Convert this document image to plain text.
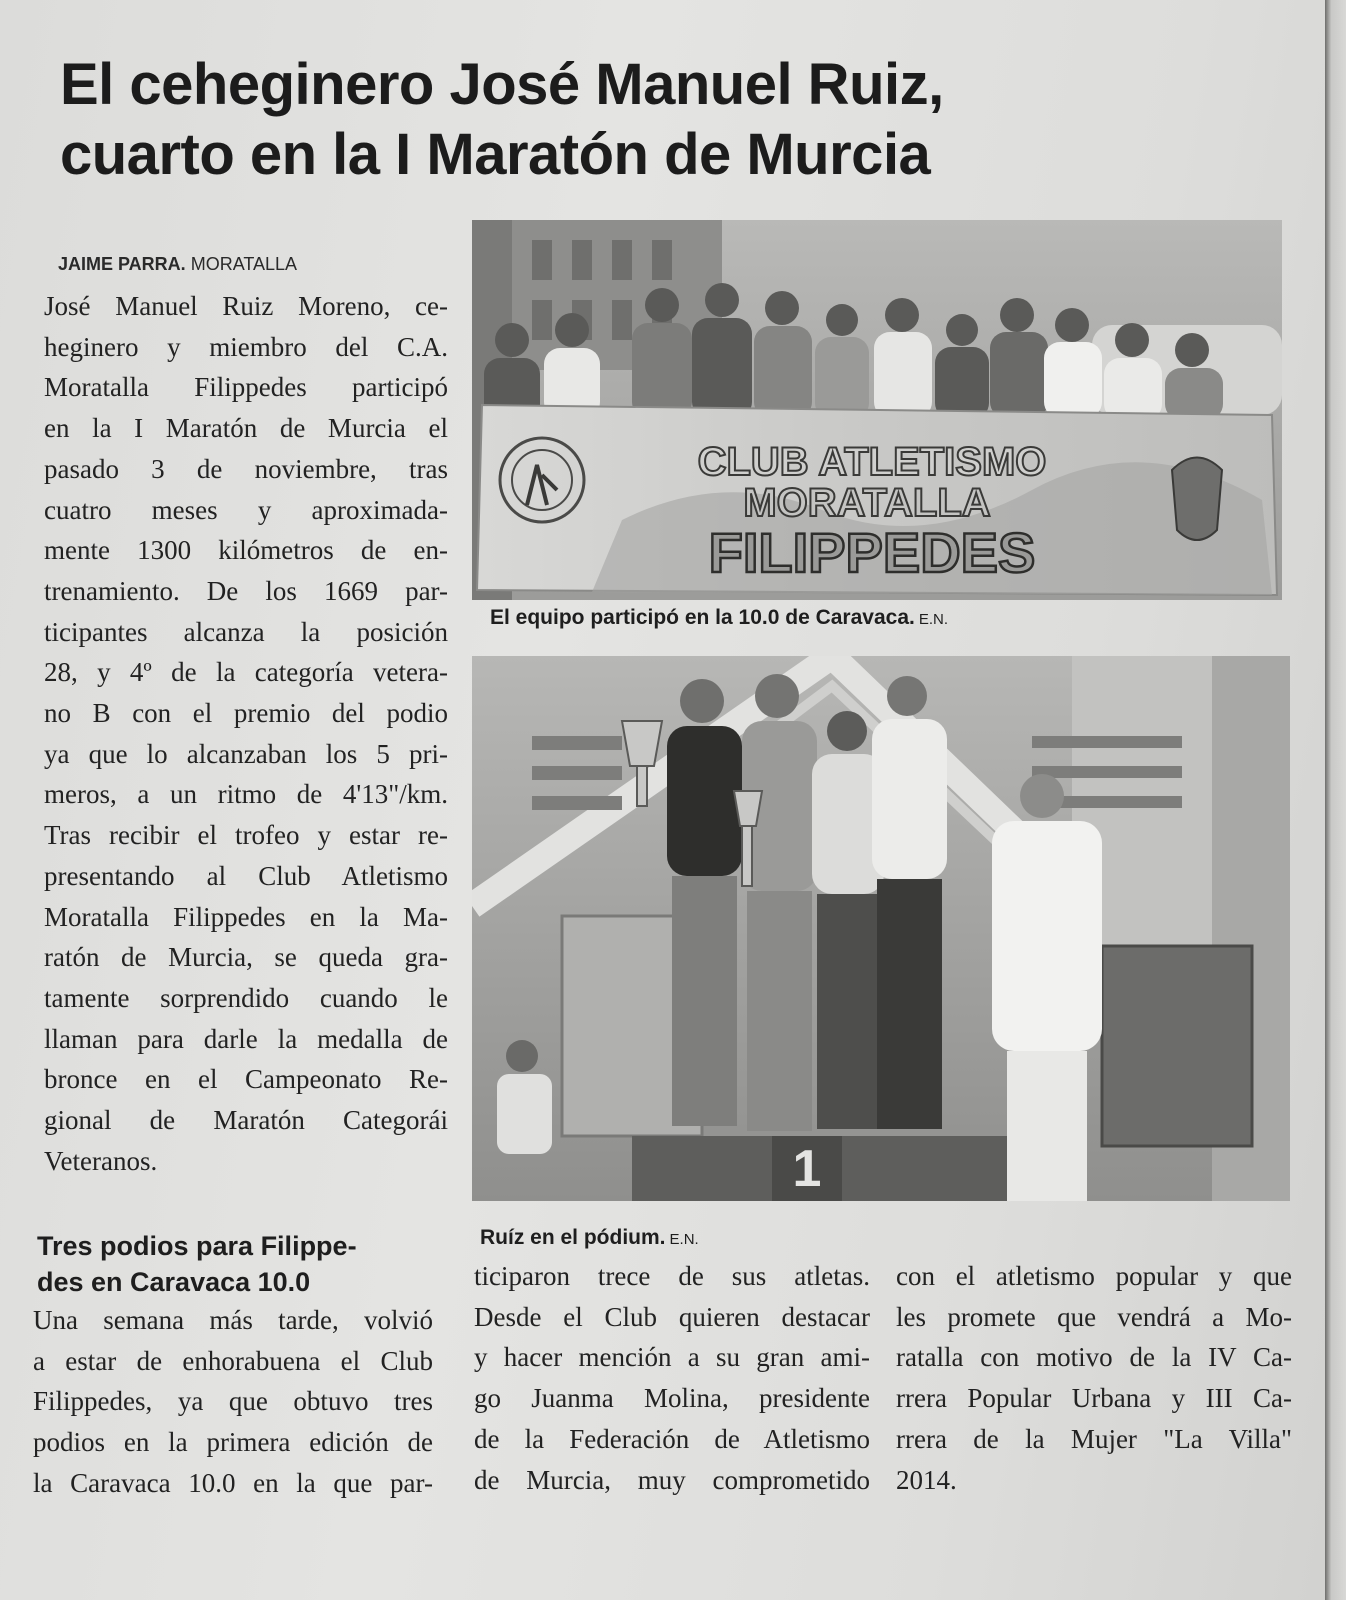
El ceheginero José Manuel Ruiz,
cuarto en la I Maratón de Murcia
JAIME PARRA. MORATALLA

José Manuel Ruiz Moreno, ce-
heginero y miembro del C.A.
Moratalla Filippedes participó
en la I Maratón de Murcia el
pasado 3 de noviembre, tras
cuatro meses y aproximada-
mente 1300 kilómetros de en-
trenamiento. De los 1669 par-
ticipantes alcanza la posición
28, y 4º de la categoría vetera-
no B con el premio del podio
ya que lo alcanzaban los 5 pri-
meros, a un ritmo de 4'13"/km.
Tras recibir el trofeo y estar re-
presentando al Club Atletismo
Moratalla Filippedes en la Ma-
ratón de Murcia, se queda gra-
tamente sorprendido cuando le
llaman para darle la medalla de
bronce en el Campeonato Re-
gional de Maratón Categorái
Veteranos.

Tres podios para Filippe-
des en Caravaca 10.0

Una semana más tarde, volvió
a estar de enhorabuena el Club
Filippedes, ya que obtuvo tres
podios en la primera edición de
la Caravaca 10.0 en la que par-

ticiparon trece de sus atletas.
Desde el Club quieren destacar
y hacer mención a su gran ami-
go Juanma Molina, presidente
de la Federación de Atletismo
de Murcia, muy comprometido

con el atletismo popular y que
les promete que vendrá a Mo-
ratalla con motivo de la IV Ca-
rrera Popular Urbana y III Ca-
rrera de la Mujer "La Villa"
2014.

CLUB ATLETISMO
MORATALLA
FILIPPEDES
El equipo participó en la 10.0 de Caravaca. E.N.
1
Ruíz en el pódium. E.N.
